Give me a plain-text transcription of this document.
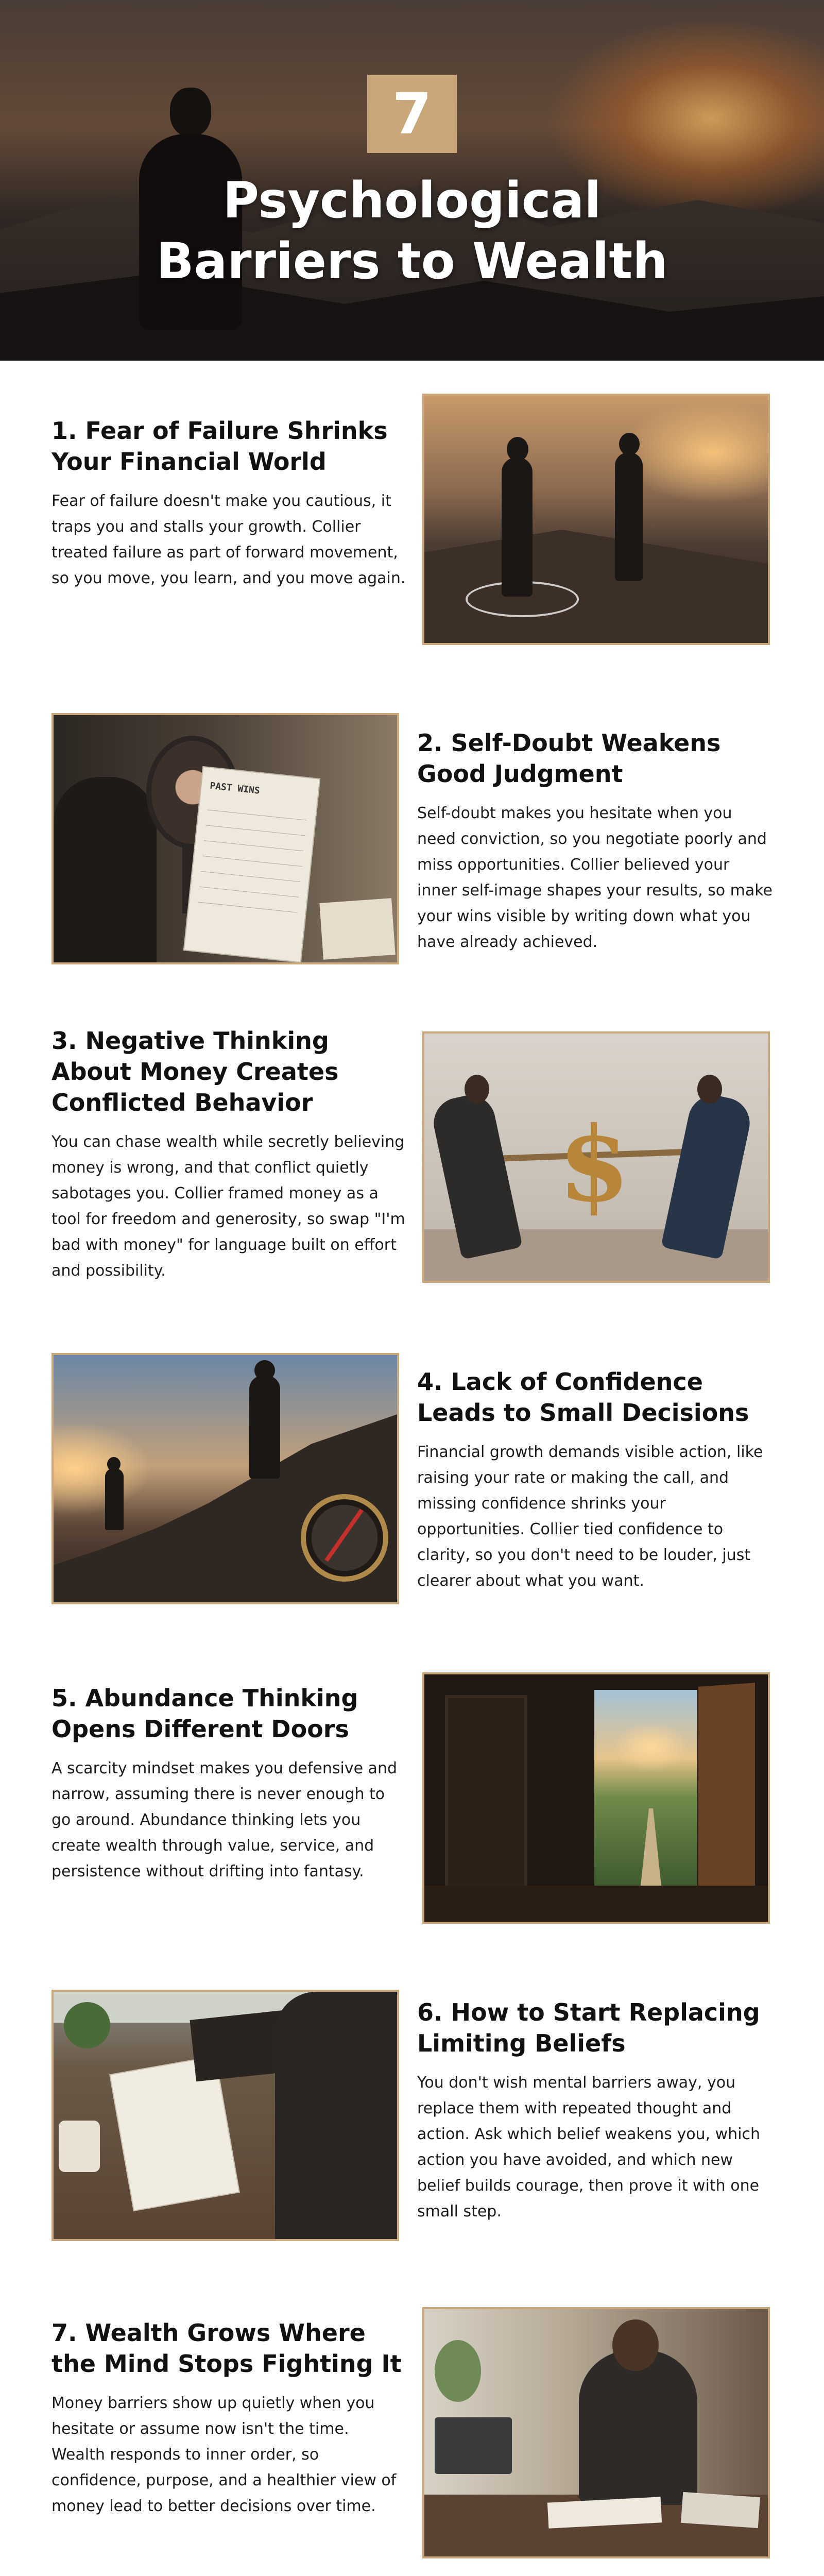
7
Psychological
Barriers to Wealth
1. Fear of Failure Shrinks Your Financial World
Fear of failure doesn't make you cautious, it traps you and stalls your growth. Collier treated failure as part of forward movement, so you move, you learn, and you move again.
PAST WINS
2. Self-Doubt Weakens Good Judgment
Self-doubt makes you hesitate when you need conviction, so you negotiate poorly and miss opportunities. Collier believed your inner self-image shapes your results, so make your wins visible by writing down what you have already achieved.
3. Negative Thinking About Money Creates Conflicted Behavior
You can chase wealth while secretly believing money is wrong, and that conflict quietly sabotages you. Collier framed money as a tool for freedom and generosity, so swap "I'm bad with money" for language built on effort and possibility.
$
4. Lack of Confidence Leads to Small Decisions
Financial growth demands visible action, like raising your rate or making the call, and missing confidence shrinks your opportunities. Collier tied confidence to clarity, so you don't need to be louder, just clearer about what you want.
5. Abundance Thinking Opens Different Doors
A scarcity mindset makes you defensive and narrow, assuming there is never enough to go around. Abundance thinking lets you create wealth through value, service, and persistence without drifting into fantasy.
6. How to Start Replacing Limiting Beliefs
You don't wish mental barriers away, you replace them with repeated thought and action. Ask which belief weakens you, which action you have avoided, and which new belief builds courage, then prove it with one small step.
7. Wealth Grows Where the Mind Stops Fighting It
Money barriers show up quietly when you hesitate or assume now isn't the time. Wealth responds to inner order, so confidence, purpose, and a healthier view of money lead to better decisions over time.
